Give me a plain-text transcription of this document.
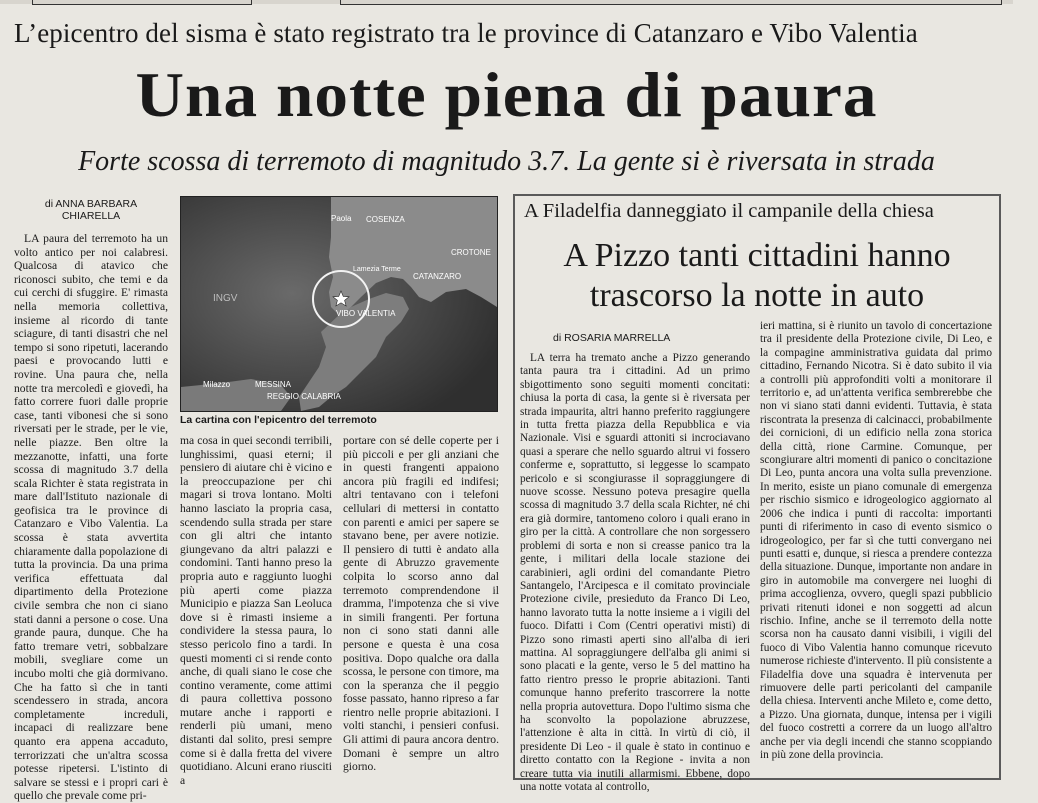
L’epicentro del sisma è stato registrato tra le province di Catanzaro e Vibo Valentia
Una notte piena di paura
Forte scossa di terremoto di magnitudo 3.7. La gente si è riversata in strada
di ANNA BARBARA CHIARELLA

LA paura del terremoto ha un volto antico per noi calabresi. Qualcosa di atavico che riconosci subito, che temi e da cui cerchi di sfuggire. E' rimasta nella memoria collettiva, insieme al ricordo di tante sciagure, di tanti disastri che nel tempo si sono ripetuti, lacerando paesi e provocando lutti e rovine. Una paura che, nella notte tra mercoledì e giovedì, ha fatto correre fuori dalle proprie case, tanti vibonesi che si sono riversati per le strade, per le vie, nelle piazze. Ben oltre la mezzanotte, infatti, una forte scossa di magnitudo 3.7 della scala Richter è stata registrata in mare dall'Istituto nazionale di geofisica tra le province di Catanzaro e Vibo Valentia. La scossa è stata avvertita chiaramente dalla popolazione di tutta la provincia. Da una prima verifica effettuata dal dipartimento della Protezione civile sembra che non ci siano stati danni a persone o cose. Una grande paura, dunque. Che ha fatto tremare vetri, sobbalzare mobili, svegliare come un incubo molti che già dormivano. Che ha fatto sì che in tanti scendessero in strada, ancora completamente increduli, incapaci di realizzare bene quanto era appena accaduto, terrorizzati che un'altra scossa potesse ripetersi. L'istinto di salvare se stessi e i propri cari è quello che prevale come pri-

ma cosa in quei secondi terribili, lunghissimi, quasi eterni; il pensiero di aiutare chi è vicino e la preoccupazione per chi magari si trova lontano. Molti hanno lasciato la propria casa, scendendo sulla strada per stare con gli altri che intanto giungevano da altri palazzi e condomini. Tanti hanno preso la propria auto e raggiunto luoghi più aperti come piazza Municipio e piazza San Leoluca dove si è rimasti insieme a condividere la stessa paura, lo stesso pericolo fino a tardi. In questi momenti ci si rende conto anche, di quali siano le cose che contino veramente, come attimi di paura collettiva possono mutare anche i rapporti e renderli più umani, meno distanti dal solito, presi sempre come si è dalla fretta del vivere quotidiano. Alcuni erano riusciti a

portare con sé delle coperte per i più piccoli e per gli anziani che in questi frangenti appaiono ancora più fragili ed indifesi; altri tentavano con i telefoni cellulari di mettersi in contatto con parenti e amici per sapere se stavano bene, per avere notizie. Il pensiero di tutti è andato alla gente di Abruzzo gravemente colpita lo scorso anno dal terremoto comprendendone il dramma, l'impotenza che si vive in simili frangenti. Per fortuna non ci sono stati danni alle persone e questa è una cosa positiva. Dopo qualche ora dalla scossa, le persone con timore, ma con la speranza che il peggio fosse passato, hanno ripreso a far rientro nelle proprie abitazioni. I volti stanchi, i pensieri confusi. Gli attimi di paura ancora dentro. Domani è sempre un altro giorno.

Paola COSENZA
CROTONE
Lamezia Terme
CATANZARO
VIBO VALENTIA
INGV
Milazzo	MESSINA
REGGIO CALABRIA
La cartina con l'epicentro del terremoto
A Filadelfia danneggiato il campanile della chiesa
A Pizzo tanti cittadini hanno trascorso la notte in auto
di ROSARIA MARRELLA

LA terra ha tremato anche a Pizzo generando tanta paura tra i cittadini. Ad un primo sbigottimento sono seguiti momenti concitati: chiusa la porta di casa, la gente si è riversata per strada impaurita, altri hanno preferito raggiungere in tutta fretta piazza della Repubblica e via Nazionale. Visi e sguardi attoniti si incrociavano quasi a sperare che nello sguardo altrui vi fossero conferme e, soprattutto, si leggesse lo scampato pericolo e si scongiurasse il sopraggiungere di nuove scosse. Nessuno poteva presagire quella scossa di magnitudo 3.7 della scala Richter, né chi era già dormire, tantomeno coloro i quali erano in giro per la città. A controllare che non sorgessero problemi di sorta e non si creasse panico tra la gente, i militari della locale stazione dei carabinieri, agli ordini del comandante Pietro Santangelo, l'Arcipesca e il comitato provinciale Protezione civile, presieduto da Franco Di Leo, hanno lavorato tutta la notte insieme a i vigili del fuoco. Difatti i Com (Centri operativi misti) di Pizzo sono rimasti aperti sino all'alba di ieri mattina. Al sopraggiungere dell'alba gli animi si sono placati e la gente, verso le 5 del mattino ha fatto rientro presso le proprie abitazioni. Tanti comunque hanno preferito trascorrere la notte nella propria autovettura. Dopo l'ultimo sisma che ha sconvolto la popolazione abruzzese, l'attenzione è alta in città. In virtù di ciò, il presidente Di Leo - il quale è stato in continuo e diretto contatto con la Regione - invita a non creare tutta via inutili allarmismi. Ebbene, dopo una notte votata al controllo,

ieri mattina, si è riunito un tavolo di concertazione tra il presidente della Protezione civile, Di Leo, e la compagine amministrativa guidata dal primo cittadino, Fernando Nicotra. Si è dato subito il via a controlli più approfonditi volti a monitorare il territorio e, ad un'attenta verifica sembrerebbe che non vi siano stati danni evidenti. Tuttavia, è stata riscontrata la presenza di calcinacci, probabilmente dei cornicioni, di un edificio nella zona storica della città, rione Carmine. Comunque, per scongiurare altri momenti di panico o concitazione Di Leo, punta ancora una volta sulla prevenzione. In merito, esiste un piano comunale di emergenza per rischio sismico e idrogeologico aggiornato al 2006 che indica i punti di raccolta: importanti punti di riferimento in caso di evento sismico o idrogeologico, per far sì che tutti convergano nei punti esatti e, dunque, si riesca a prendere contezza della situazione. Dunque, importante non andare in giro in automobile ma convergere nei luoghi di prima accoglienza, ovvero, quegli spazi pubblicio privati ritenuti idonei e non soggetti ad alcun rischio. Infine, anche se il terremoto della notte scorsa non ha causato danni visibili, i vigili del fuoco di Vibo Valentia hanno comunque ricevuto numerose richieste d'intervento. Il più consistente a Filadelfia dove una squadra è intervenuta per rimuovere delle parti pericolanti del campanile della chiesa. Interventi anche Mileto e, come detto, a Pizzo. Una giornata, dunque, intensa per i vigili del fuoco costretti a correre da un luogo all'altro anche per via degli incendi che stanno scoppiando in più zone della provincia.
